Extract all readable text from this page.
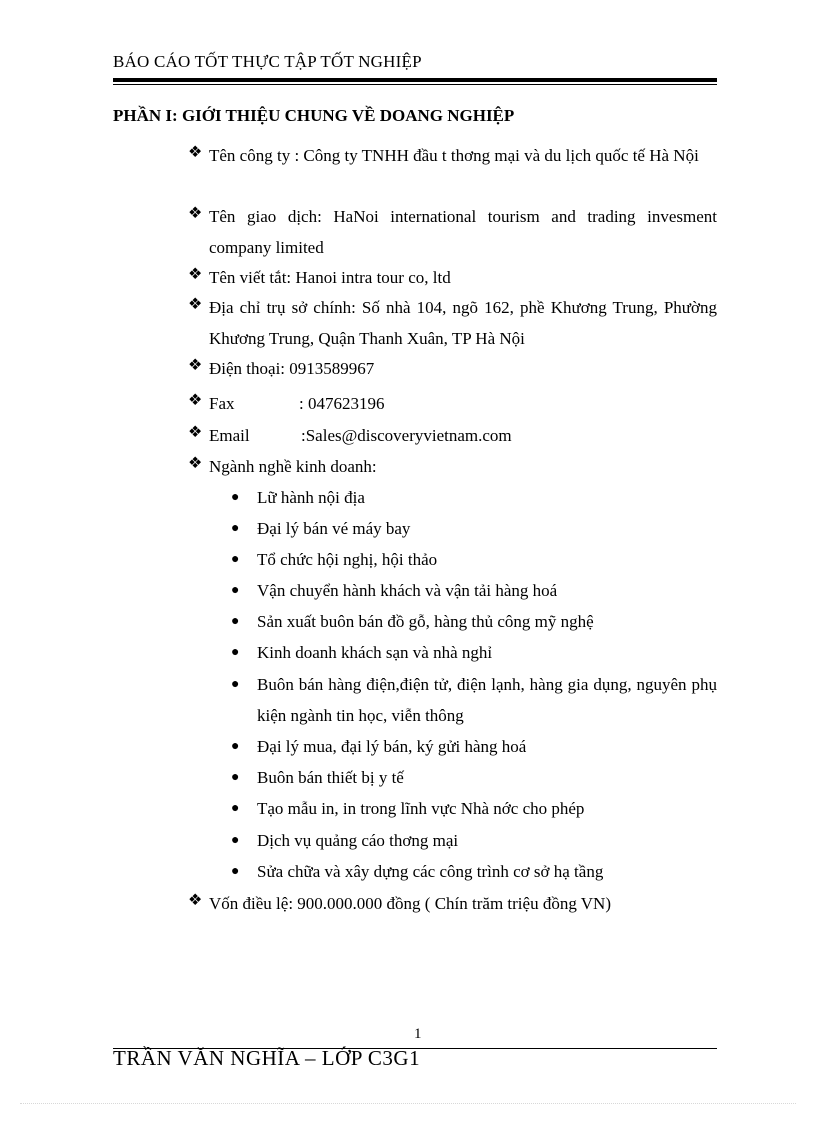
BÁO CÁO TỐT THỰC TẬP TỐT NGHIỆP
PHẦN I: GIỚI THIỆU CHUNG VỀ DOANG NGHIỆP
❖ Tên công ty : Công ty TNHH đầu t thơng mại và du lịch quốc tế Hà Nội
❖ Tên giao dịch: HaNoi international tourism and trading invesment company limited
❖ Tên viết tắt: Hanoi intra tour co, ltd
❖ Địa chỉ trụ sở chính: Số nhà 104, ngõ 162, phề Khương Trung, Phường Khương Trung, Quận Thanh Xuân, TP Hà Nội
❖ Điện thoại: 0913589967
❖ Fax	: 047623196
❖ Email	:Sales@discoveryvietnam.com
❖ Ngành nghề kinh doanh:
● Lữ hành nội địa
● Đại lý bán vé máy bay
● Tổ chức hội nghị, hội thảo
● Vận chuyển hành khách và vận tải hàng hoá
● Sản xuất buôn bán đồ gỗ, hàng thủ công mỹ nghệ
● Kinh doanh khách sạn và nhà nghỉ
● Buôn bán hàng điện,điện tử, điện lạnh, hàng gia dụng, nguyên phụ kiện ngành tin học, viễn thông
● Đại lý mua, đại lý bán, ký gửi hàng hoá
● Buôn bán thiết bị y tế
● Tạo mẫu in, in trong lĩnh vực Nhà nớc cho phép
● Dịch vụ quảng cáo thơng mại
● Sửa chữa và xây dựng các công trình cơ sở hạ tầng
❖ Vốn điều lệ: 900.000.000 đồng ( Chín trăm triệu đồng VN)
1
TRẦN VĂN NGHĨA – LỚP C3G1
